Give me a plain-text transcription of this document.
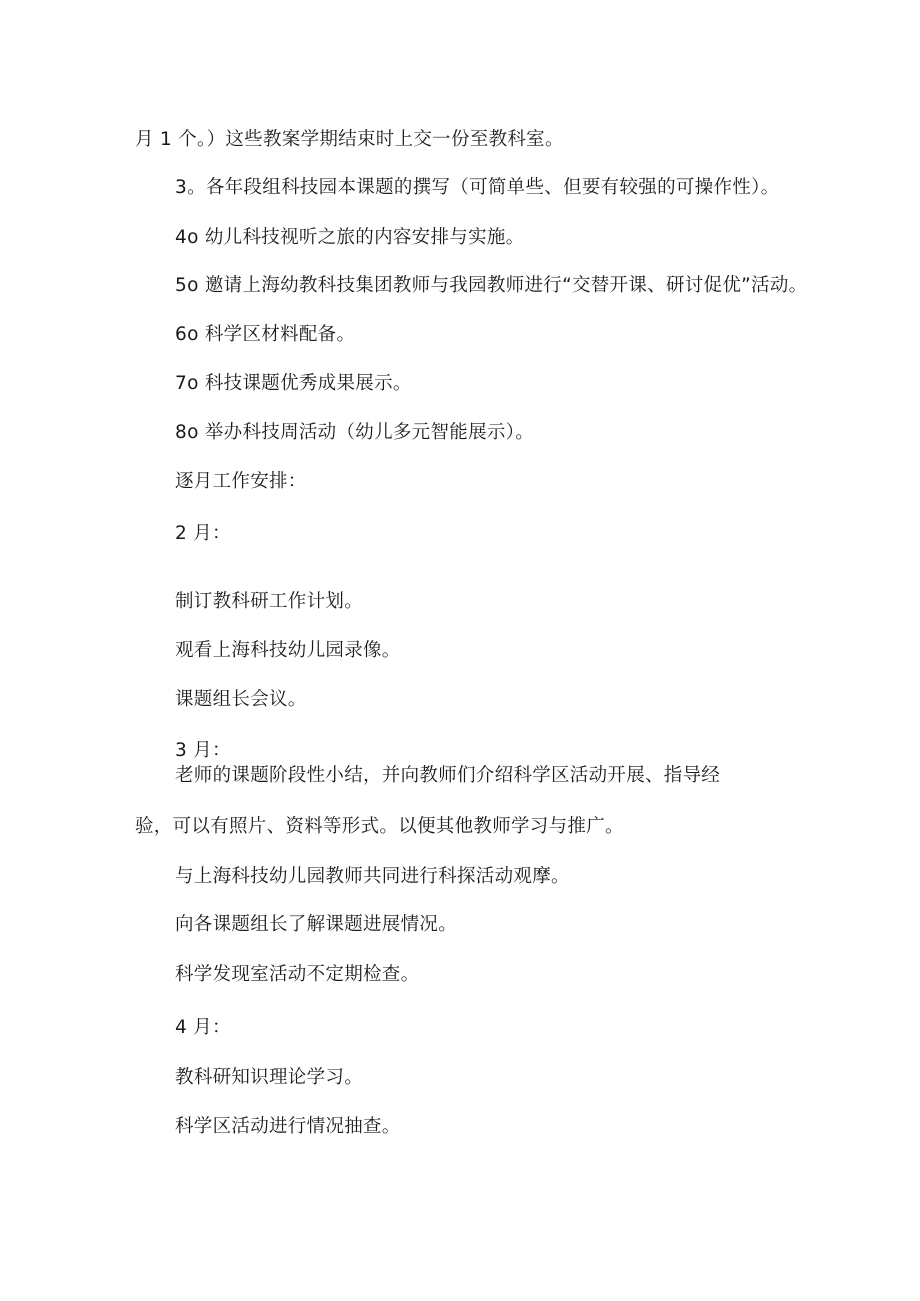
月 1 个。）这些教案学期结束时上交一份至教科室。
3。各年段组科技园本课题的撰写（可简单些、但要有较强的可操作性）。
4o 幼儿科技视听之旅的内容安排与实施。
5o 邀请上海幼教科技集团教师与我园教师进行“交替开课、研讨促优”活动。
6o 科学区材料配备。
7o 科技课题优秀成果展示。
8o 举办科技周活动（幼儿多元智能展示）。
逐月工作安排：
2 月：
制订教科研工作计划。
观看上海科技幼儿园录像。
课题组长会议。
3 月：
老师的课题阶段性小结，并向教师们介绍科学区活动开展、指导经
验，可以有照片、资料等形式。以便其他教师学习与推广。
与上海科技幼儿园教师共同进行科探活动观摩。
向各课题组长了解课题进展情况。
科学发现室活动不定期检查。
4 月：
教科研知识理论学习。
科学区活动进行情况抽查。
